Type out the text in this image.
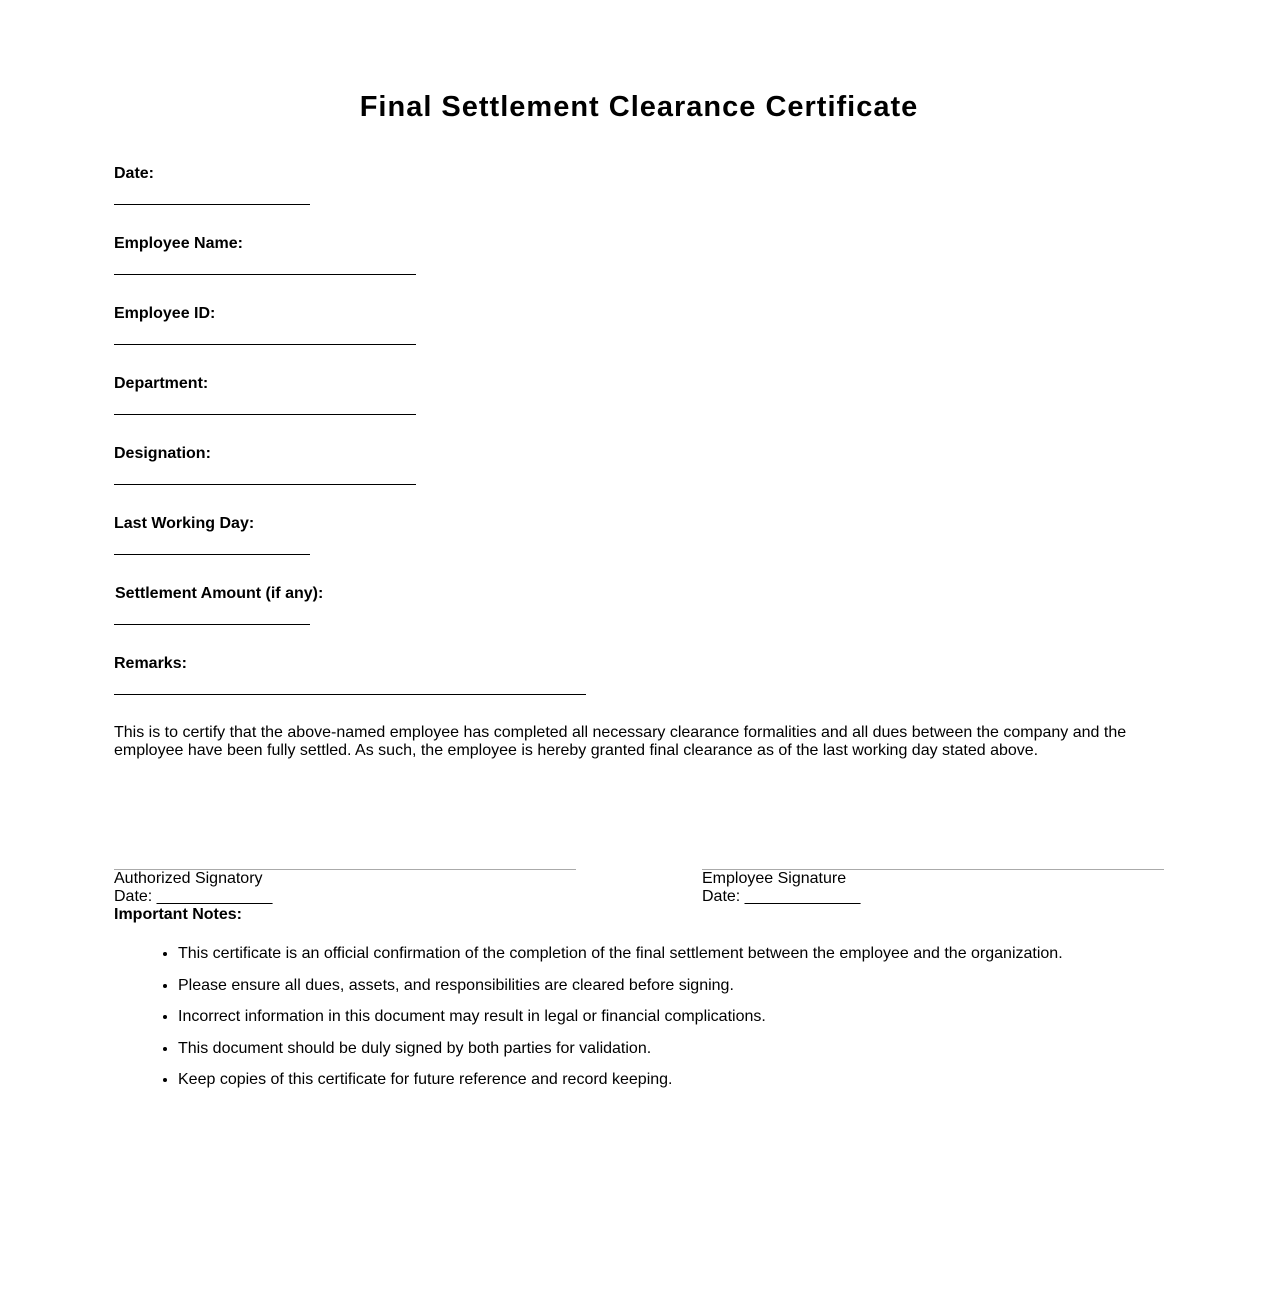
Final Settlement Clearance Certificate

Date:

Employee Name:

Employee ID:

Department:

Designation:

Last Working Day:

Settlement Amount (if any):

Remarks:

This is to certify that the above-named employee has completed all necessary clearance formalities and all dues between the company and the employee have been fully settled. As such, the employee is hereby granted final clearance as of the last working day stated above.

Authorized Signatory
Date: _____________
Employee Signature
Date: _____________

Important Notes:

• This certificate is an official confirmation of the completion of the final settlement between the employee and the organization.
• Please ensure all dues, assets, and responsibilities are cleared before signing.
• Incorrect information in this document may result in legal or financial complications.
• This document should be duly signed by both parties for validation.
• Keep copies of this certificate for future reference and record keeping.
